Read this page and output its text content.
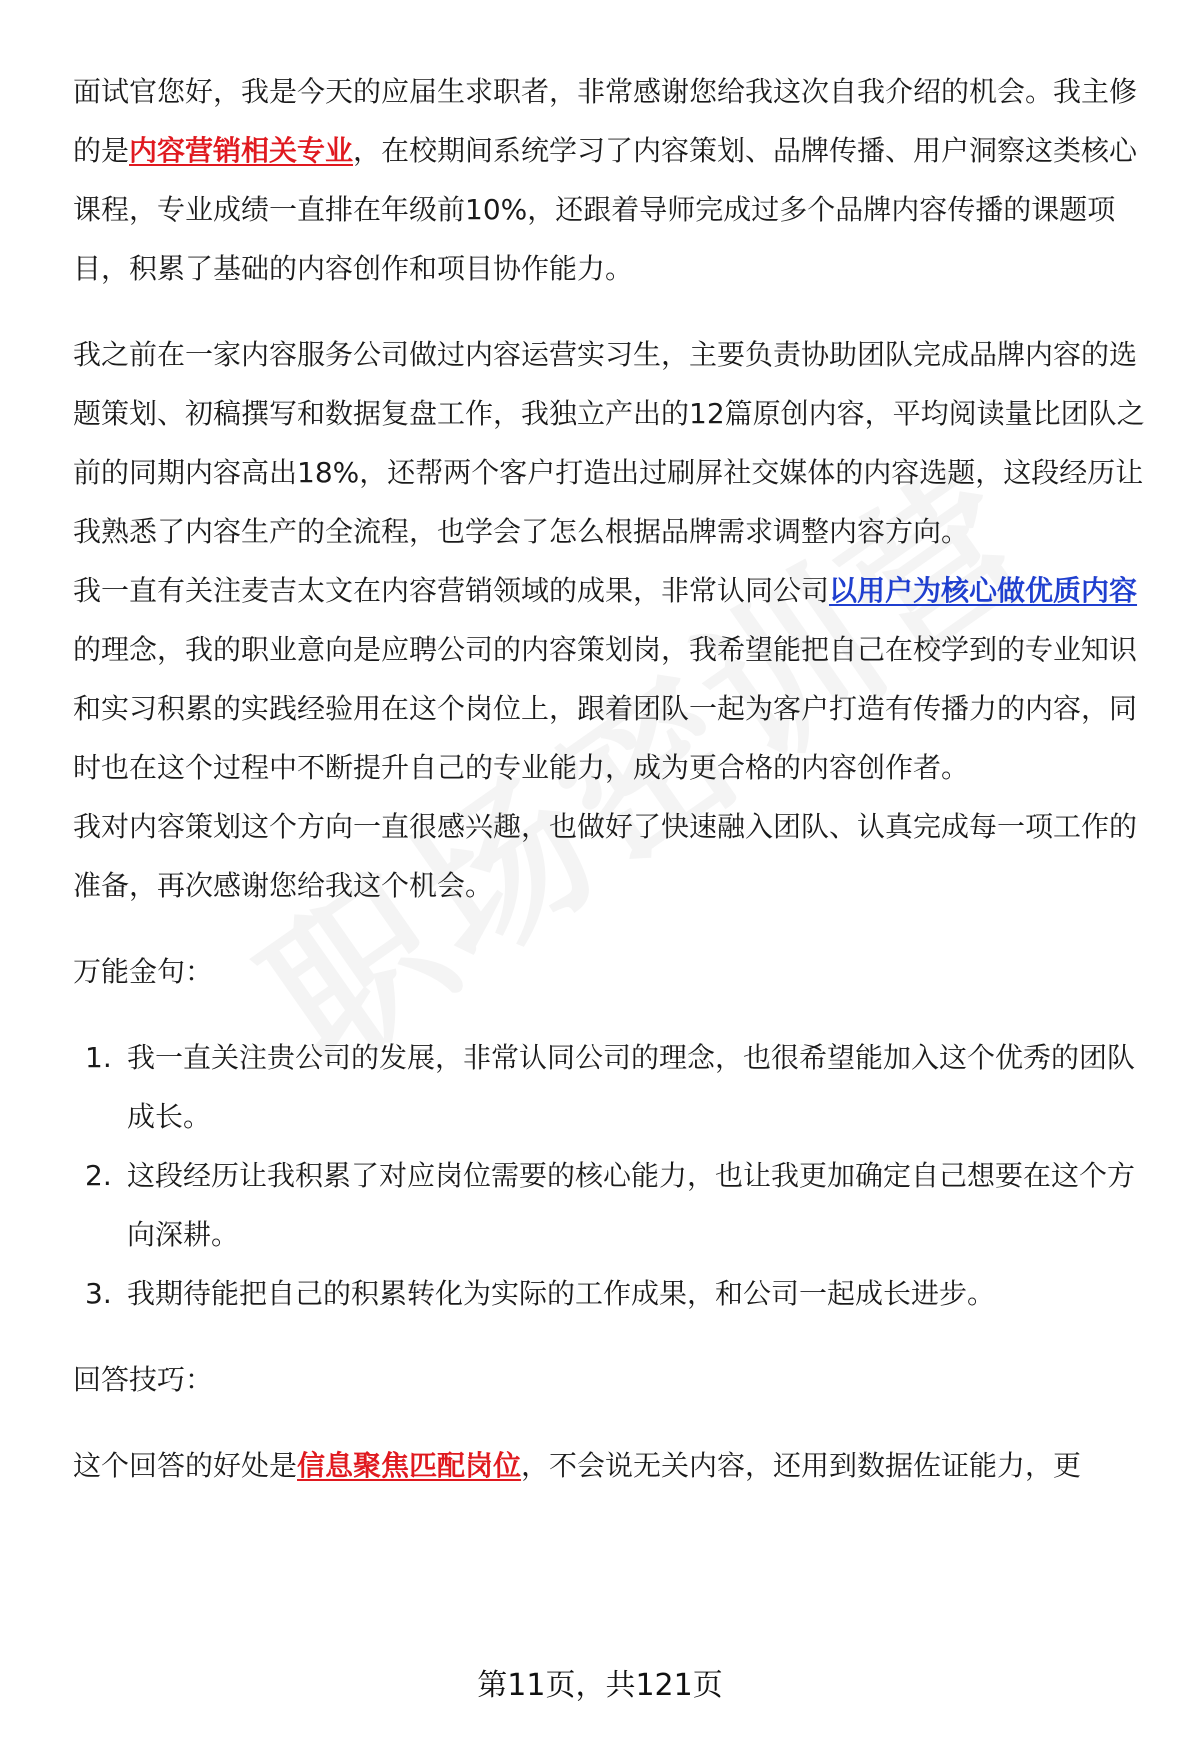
面试官您好，我是今天的应届生求职者，非常感谢您给我这次自我介绍的机会。我主修的是内容营销相关专业，在校期间系统学习了内容策划、品牌传播、用户洞察这类核心课程，专业成绩一直排在年级前10%，还跟着导师完成过多个品牌内容传播的课题项目，积累了基础的内容创作和项目协作能力。

我之前在一家内容服务公司做过内容运营实习生，主要负责协助团队完成品牌内容的选题策划、初稿撰写和数据复盘工作，我独立产出的12篇原创内容，平均阅读量比团队之前的同期内容高出18%，还帮两个客户打造出过刷屏社交媒体的内容选题，这段经历让我熟悉了内容生产的全流程，也学会了怎么根据品牌需求调整内容方向。

我一直有关注麦吉太文在内容营销领域的成果，非常认同公司以用户为核心做优质内容的理念，我的职业意向是应聘公司的内容策划岗，我希望能把自己在校学到的专业知识和实习积累的实践经验用在这个岗位上，跟着团队一起为客户打造有传播力的内容，同时也在这个过程中不断提升自己的专业能力，成为更合格的内容创作者。

我对内容策划这个方向一直很感兴趣，也做好了快速融入团队、认真完成每一项工作的准备，再次感谢您给我这个机会。

万能金句：

1. 我一直关注贵公司的发展，非常认同公司的理念，也很希望能加入这个优秀的团队成长。
2. 这段经历让我积累了对应岗位需要的核心能力，也让我更加确定自己想要在这个方向深耕。
3. 我期待能把自己的积累转化为实际的工作成果，和公司一起成长进步。

回答技巧：

这个回答的好处是信息聚焦匹配岗位，不会说无关内容，还用到数据佐证能力，更

第11页，共121页
